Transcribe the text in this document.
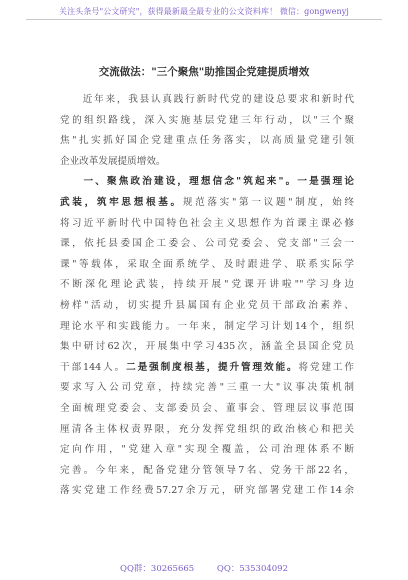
关注头条号"公文研究"，获得最新最全最专业的公文资料库！ 微信：gongwenyj
交流做法："三个聚焦"助推国企党建提质增效
　　近年来，我县认真践行新时代党的建设总要求和新时代
党的组织路线，深入实施基层党建三年行动，以"三个聚
焦"扎实抓好国企党建重点任务落实，以高质量党建引领
企业改革发展提质增效。
　　一、聚焦政治建设，理想信念"筑起来"。一是强理论
武装，筑牢思想根基。规范落实"第一议题"制度，始终
将习近平新时代中国特色社会主义思想作为首课主课必修
课，依托县委国企工委会、公司党委会、党支部"三会一
课"等载体，采取全面系统学、及时跟进学、联系实际学
不断深化理论武装，持续开展"党课开讲啦""学习身边
榜样"活动，切实提升县属国有企业党员干部政治素养、
理论水平和实践能力。一年来，制定学习计划14个，组织
集中研讨62次，开展集中学习435次，涵盖全县国企党员
干部144人。二是强制度根基，提升管理效能。将党建工作
要求写入公司党章，持续完善"三重一大"议事决策机制
全面梳理党委会、支部委员会、董事会、管理层议事范围
厘清各主体权责界限，充分发挥党组织的政治核心和把关
定向作用，"党建入章"实现全覆盖，公司治理体系不断
完善。今年来，配备党建分管领导7名、党务干部22名，
落实党建工作经费57.27余万元，研究部署党建工作14余
QQ群：30265665	QQ：535304092
